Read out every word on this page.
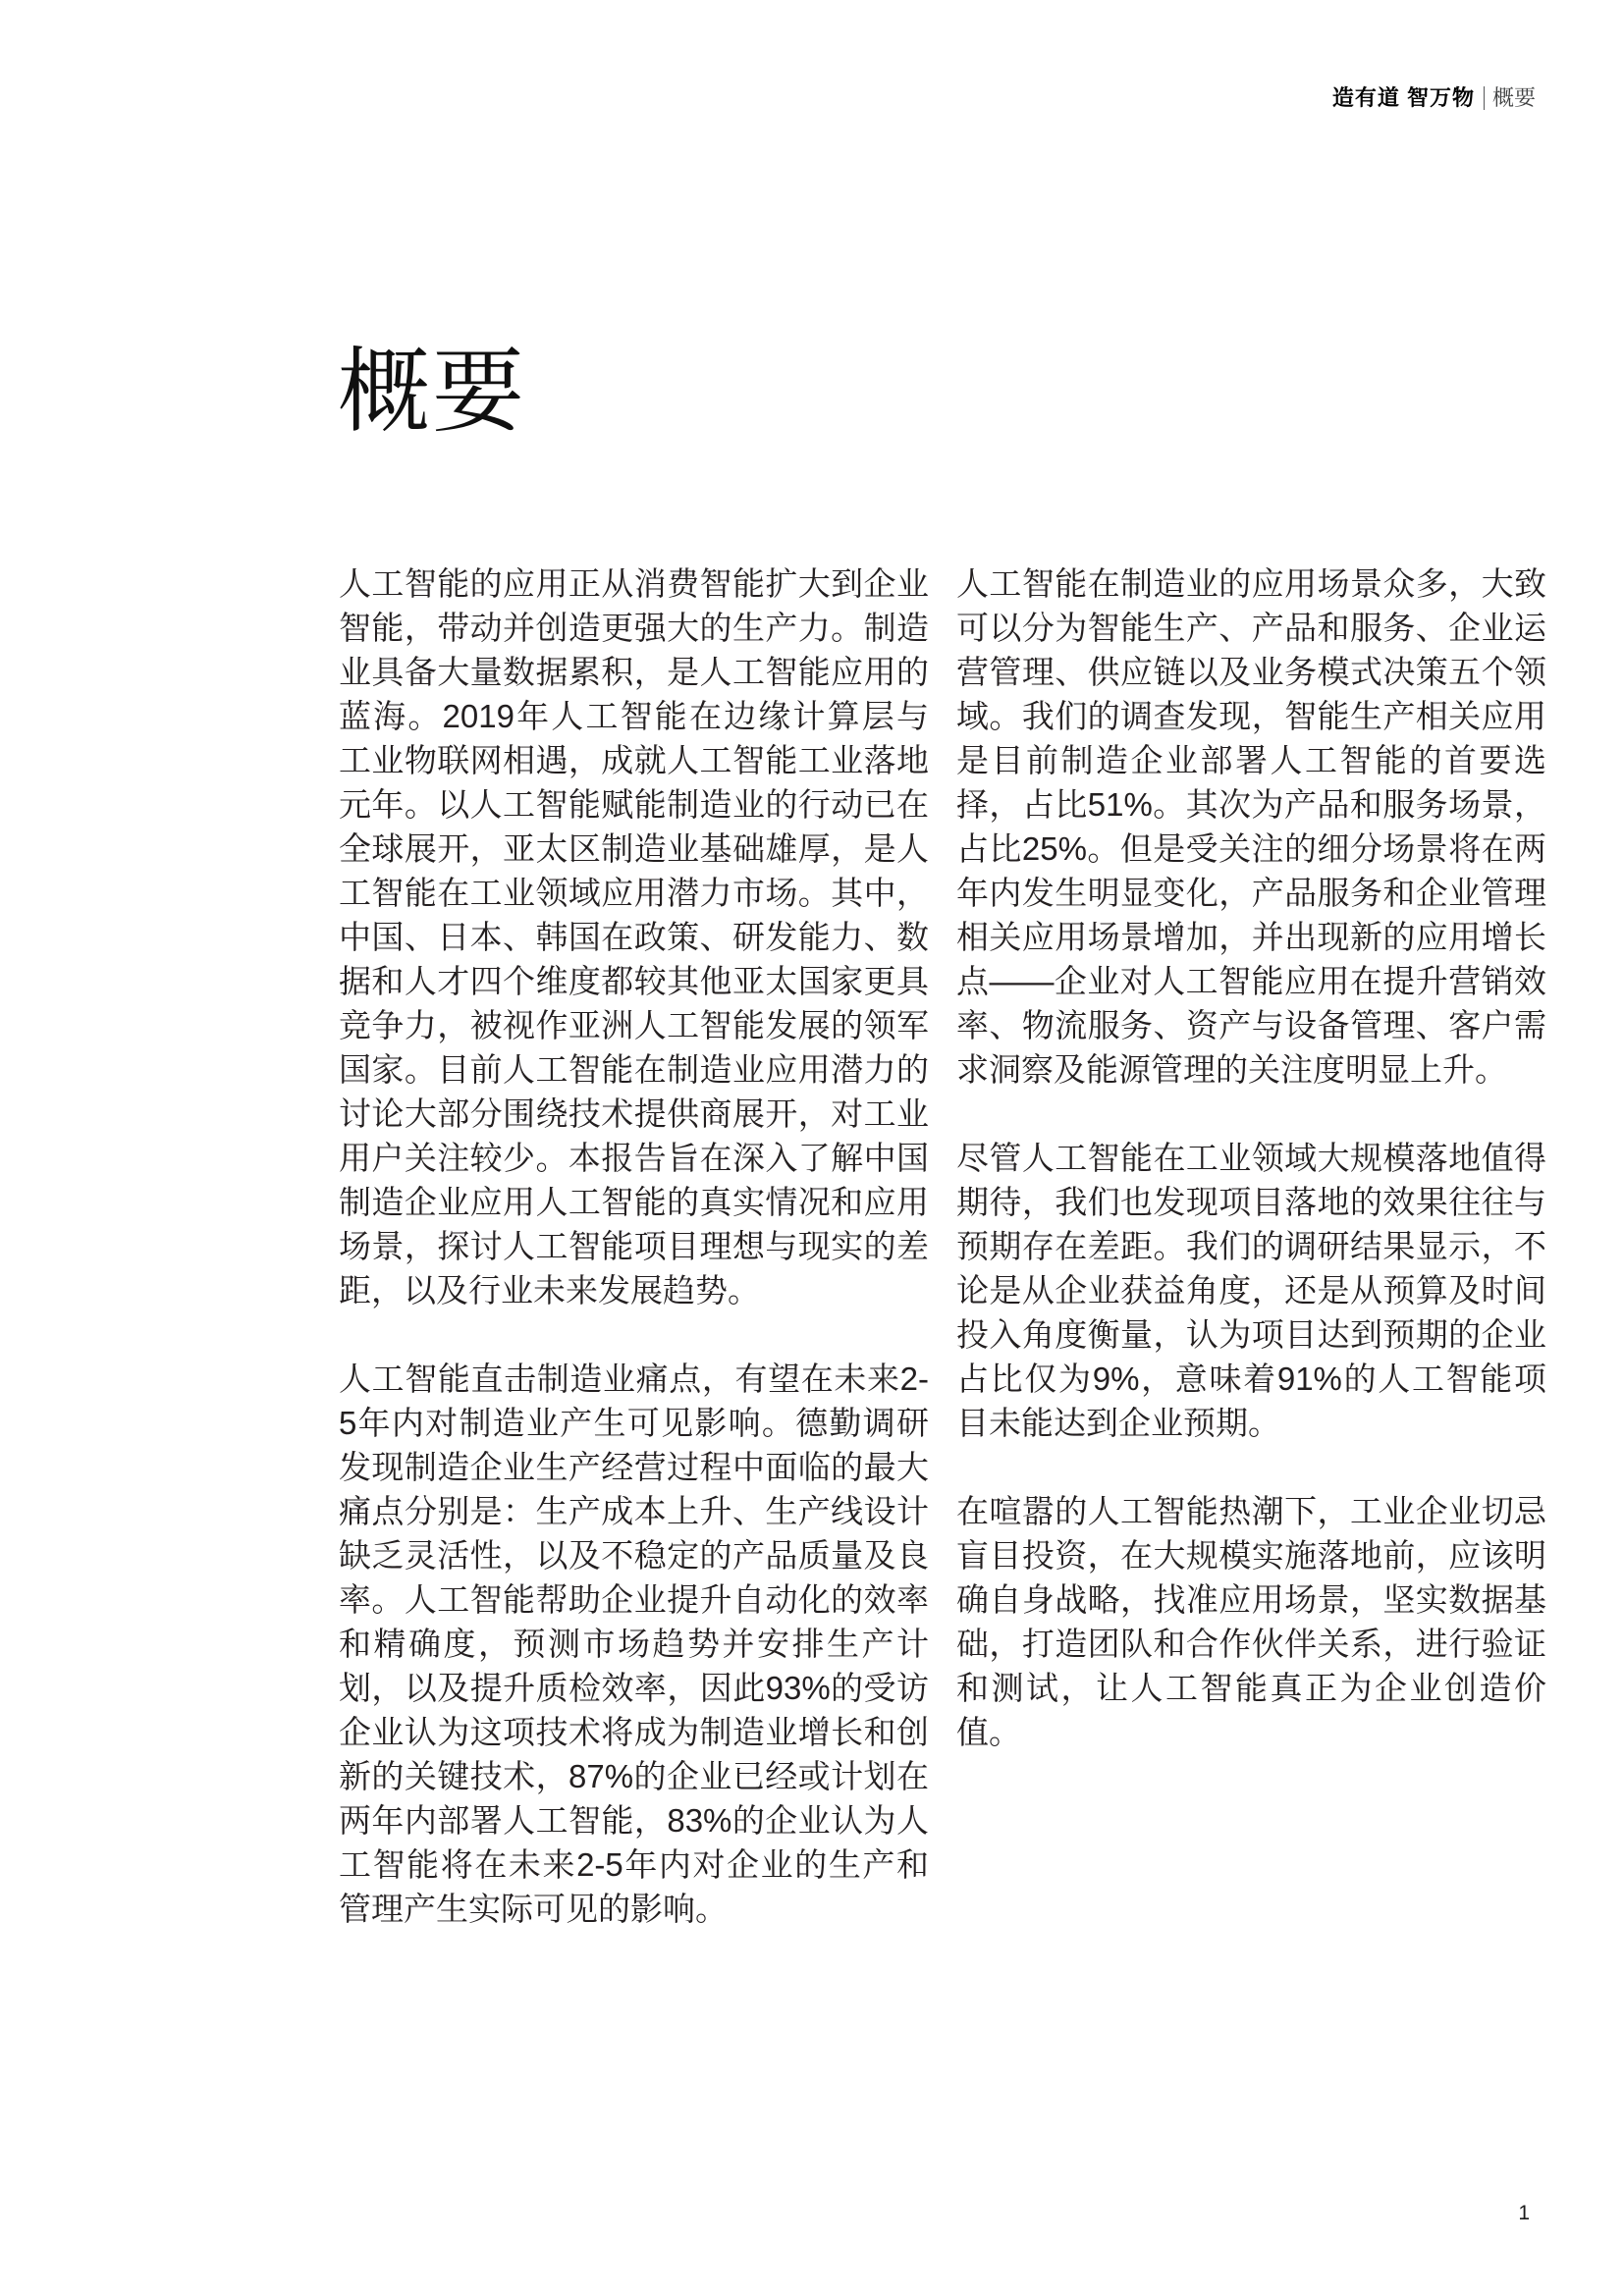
造有道 智万物 概要
概要

人工智能的应用正从消费智能扩大到企业智能，带动并创造更强大的生产力。制造业具备大量数据累积，是人工智能应用的蓝海。2019年人工智能在边缘计算层与工业物联网相遇，成就人工智能工业落地元年。以人工智能赋能制造业的行动已在全球展开，亚太区制造业基础雄厚，是人工智能在工业领域应用潜力市场。其中，中国、日本、韩国在政策、研发能力、数据和人才四个维度都较其他亚太国家更具竞争力，被视作亚洲人工智能发展的领军国家。目前人工智能在制造业应用潜力的讨论大部分围绕技术提供商展开，对工业用户关注较少。本报告旨在深入了解中国制造企业应用人工智能的真实情况和应用场景，探讨人工智能项目理想与现实的差距，以及行业未来发展趋势。

人工智能直击制造业痛点，有望在未来2-5年内对制造业产生可见影响。德勤调研发现制造企业生产经营过程中面临的最大痛点分别是：生产成本上升、生产线设计缺乏灵活性，以及不稳定的产品质量及良率。人工智能帮助企业提升自动化的效率和精确度，预测市场趋势并安排生产计划，以及提升质检效率，因此93%的受访企业认为这项技术将成为制造业增长和创新的关键技术，87%的企业已经或计划在两年内部署人工智能，83%的企业认为人工智能将在未来2-5年内对企业的生产和管理产生实际可见的影响。

人工智能在制造业的应用场景众多，大致可以分为智能生产、产品和服务、企业运营管理、供应链以及业务模式决策五个领域。我们的调查发现，智能生产相关应用是目前制造企业部署人工智能的首要选择，占比51%。其次为产品和服务场景，占比25%。但是受关注的细分场景将在两年内发生明显变化，产品服务和企业管理相关应用场景增加，并出现新的应用增长点——企业对人工智能应用在提升营销效率、物流服务、资产与设备管理、客户需求洞察及能源管理的关注度明显上升。

尽管人工智能在工业领域大规模落地值得期待，我们也发现项目落地的效果往往与预期存在差距。我们的调研结果显示，不论是从企业获益角度，还是从预算及时间投入角度衡量，认为项目达到预期的企业占比仅为9%，意味着91%的人工智能项目未能达到企业预期。

在喧嚣的人工智能热潮下，工业企业切忌盲目投资，在大规模实施落地前，应该明确自身战略，找准应用场景，坚实数据基础，打造团队和合作伙伴关系，进行验证和测试，让人工智能真正为企业创造价值。

1
